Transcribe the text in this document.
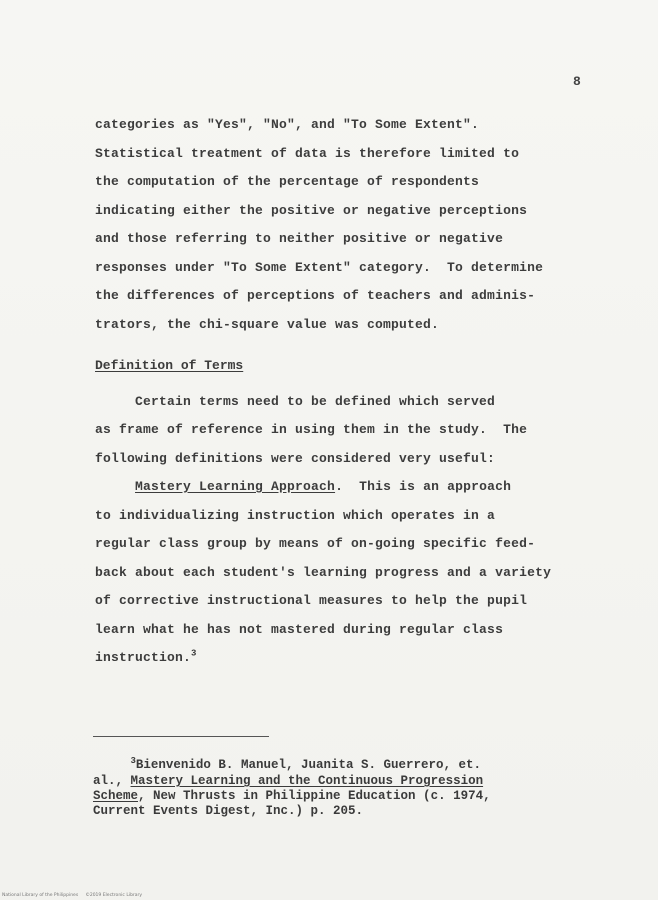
8
categories as "Yes", "No", and "To Some Extent".
Statistical treatment of data is therefore limited to
the computation of the percentage of respondents
indicating either the positive or negative perceptions
and those referring to neither positive or negative
responses under "To Some Extent" category.  To determine
the differences of perceptions of teachers and adminis-
trators, the chi-square value was computed.
Definition of Terms
Certain terms need to be defined which served
as frame of reference in using them in the study.  The
following definitions were considered very useful:
Mastery Learning Approach.  This is an approach
to individualizing instruction which operates in a
regular class group by means of on-going specific feed-
back about each student's learning progress and a variety
of corrective instructional measures to help the pupil
learn what he has not mastered during regular class
instruction.$^3$
$^3$Bienvenido B. Manuel, Juanita S. Guerrero, et.
al., Mastery Learning and the Continuous Progression
Scheme, New Thrusts in Philippine Education (c. 1974,
Current Events Digest, Inc.) p. 205.
National Library of the Philippines     ©2019 Electronic Library
